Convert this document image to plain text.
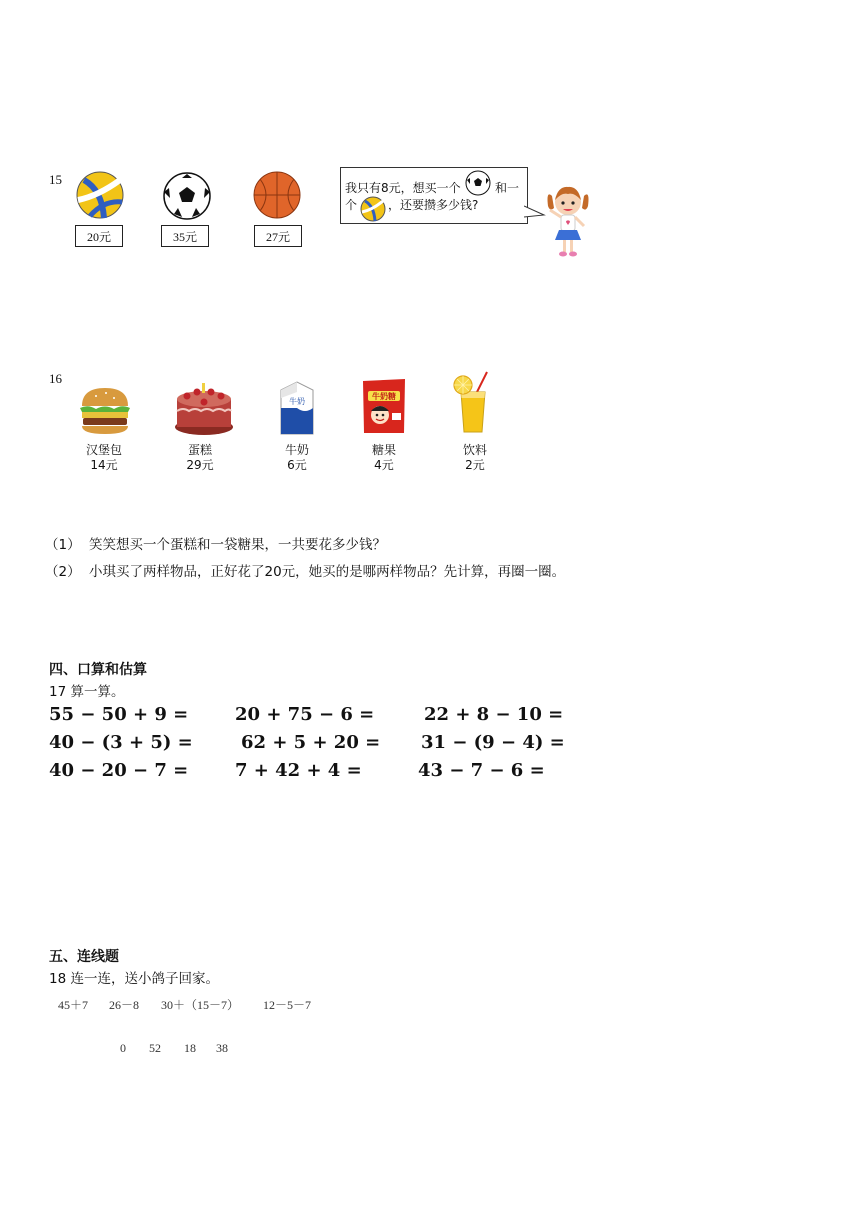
15
20元	35元	27元
我只有8元，想买一个	和一
个	，还要攒多少钱?
16
汉堡包
14元
蛋糕
29元
牛奶
牛奶
6元
牛奶糖
糖果
4元
饮料
2元
（1） 笑笑想买一个蛋糕和一袋糖果，一共要花多少钱？
（2） 小琪买了两样物品，正好花了20元，她买的是哪两样物品？先计算，再圈一圈。
四、口算和估算
17 算一算。
55 − 50 + 9 =	20 + 75 − 6 =	22 + 8 − 10 =
40 − (3 + 5) =	62 + 5 + 20 = 31 − (9 − 4) =
40 − 20 − 7 =	7 + 42 + 4 =	43 − 7 − 6 =
五、连线题
18 连一连，送小鸽子回家。
45＋7 26－8 30＋（15－7） 12－5－7
0 52 18 38
